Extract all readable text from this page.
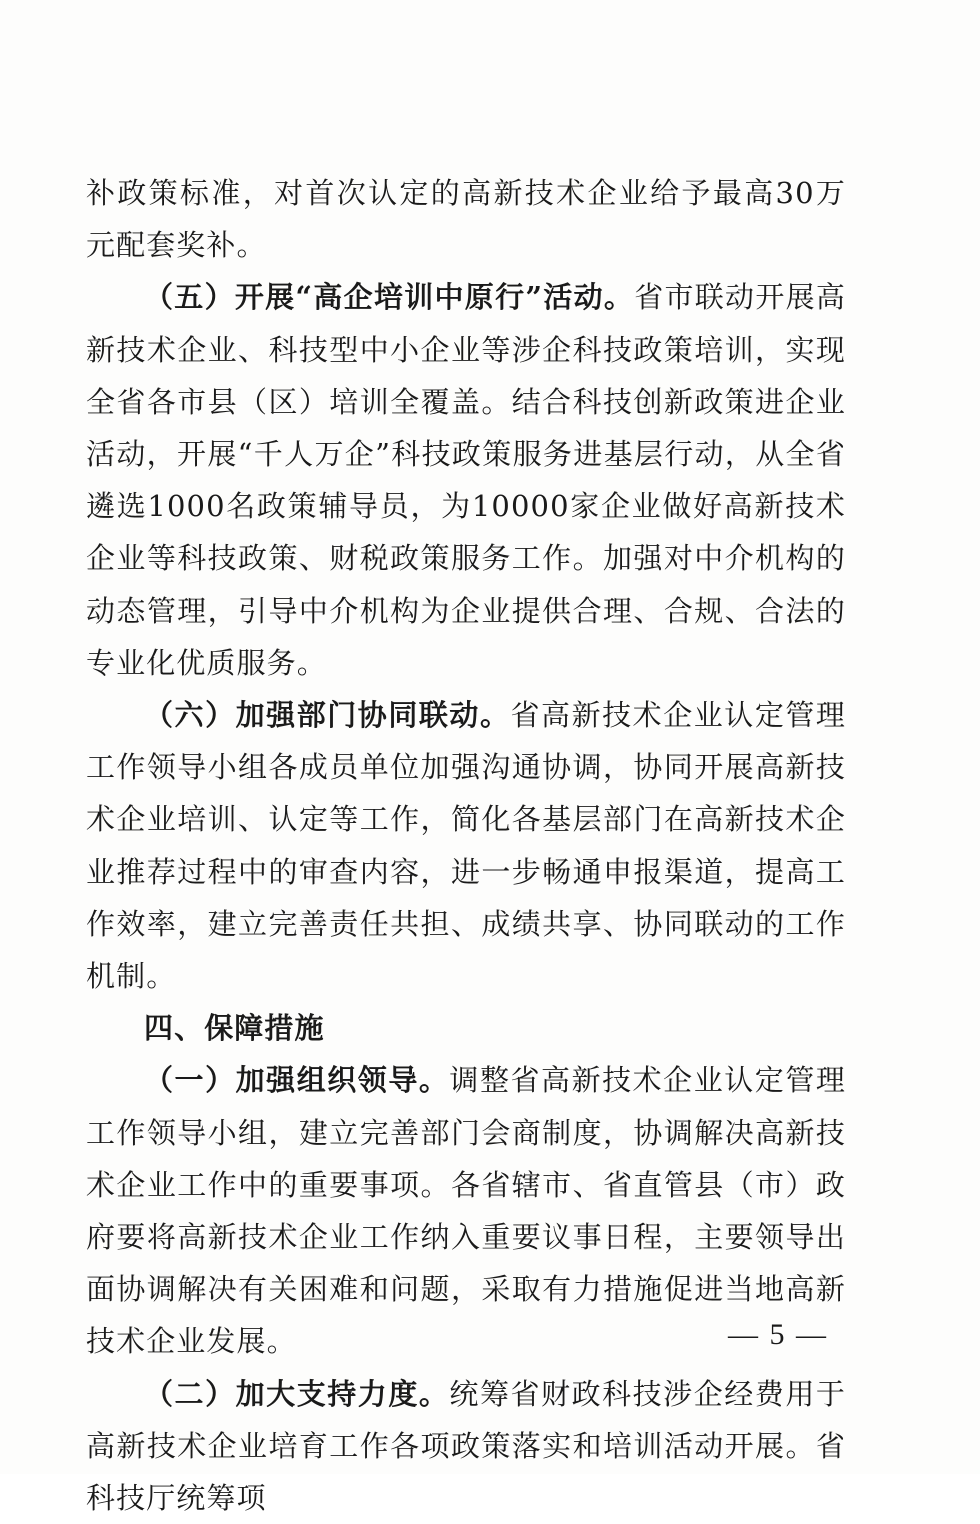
补政策标准，对首次认定的高新技术企业给予最高30万元配套奖补。

（五）开展“高企培训中原行”活动。省市联动开展高新技术企业、科技型中小企业等涉企科技政策培训，实现全省各市县（区）培训全覆盖。结合科技创新政策进企业活动，开展“千人万企”科技政策服务进基层行动，从全省遴选1000名政策辅导员，为10000家企业做好高新技术企业等科技政策、财税政策服务工作。加强对中介机构的动态管理，引导中介机构为企业提供合理、合规、合法的专业化优质服务。

（六）加强部门协同联动。省高新技术企业认定管理工作领导小组各成员单位加强沟通协调，协同开展高新技术企业培训、认定等工作，简化各基层部门在高新技术企业推荐过程中的审查内容，进一步畅通申报渠道，提高工作效率，建立完善责任共担、成绩共享、协同联动的工作机制。

四、保障措施

（一）加强组织领导。调整省高新技术企业认定管理工作领导小组，建立完善部门会商制度，协调解决高新技术企业工作中的重要事项。各省辖市、省直管县（市）政府要将高新技术企业工作纳入重要议事日程，主要领导出面协调解决有关困难和问题，采取有力措施促进当地高新技术企业发展。

（二）加大支持力度。统筹省财政科技涉企经费用于高新技术企业培育工作各项政策落实和培训活动开展。省科技厅统筹项

— 5 —
